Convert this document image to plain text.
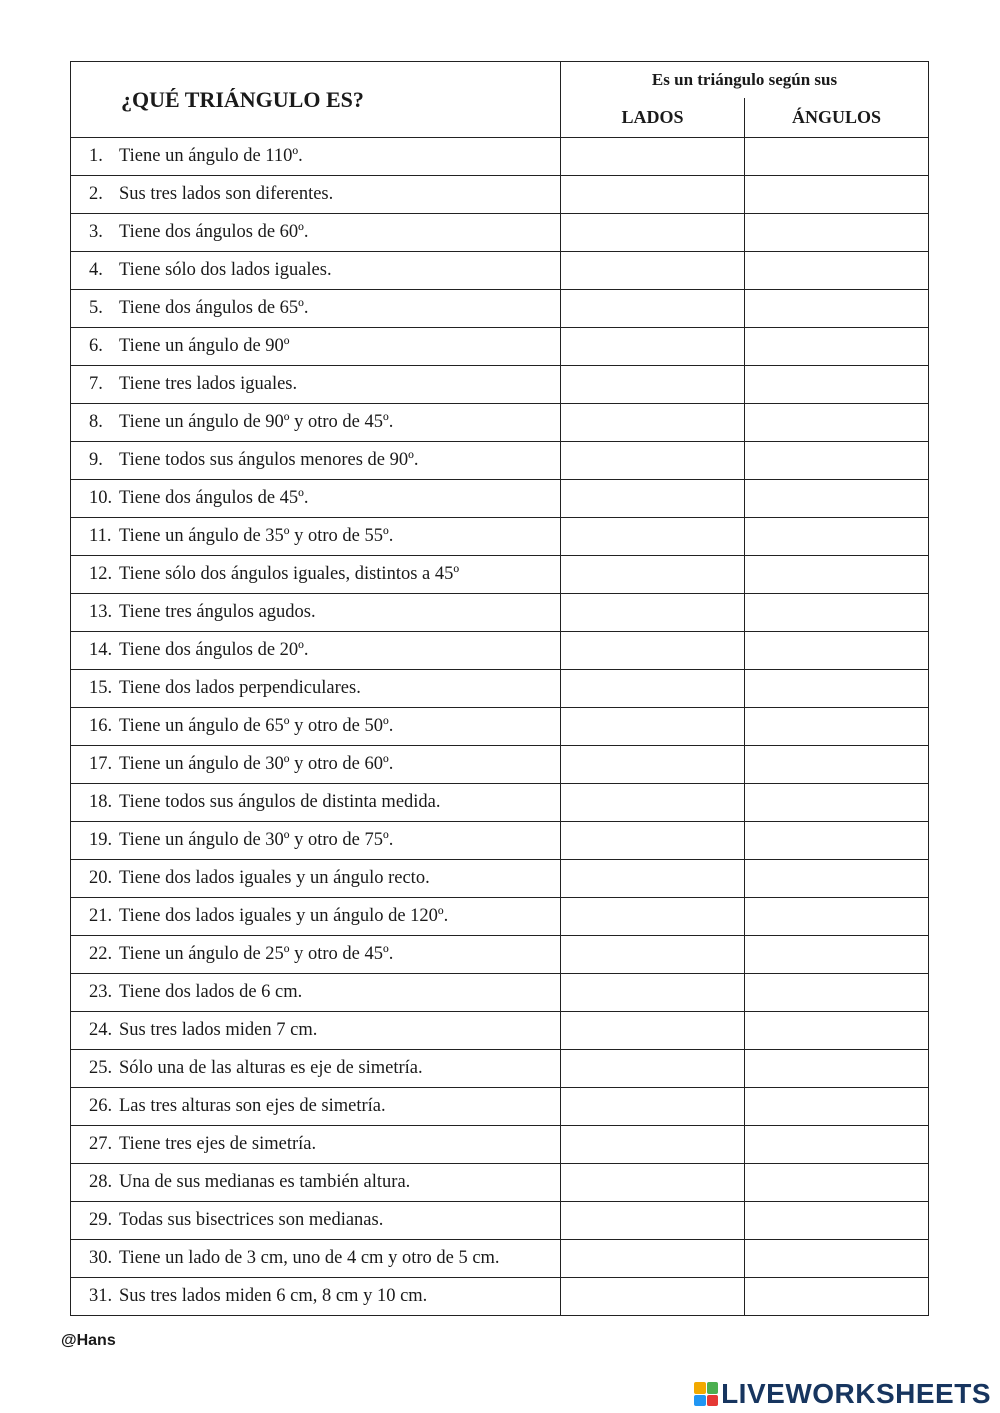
¿QUÉ TRIÁNGULO ES?	Es un triángulo según sus	
	LADOS	ÁNGULOS
1. Tiene un ángulo de 110º.		
2. Sus tres lados son diferentes.		
3. Tiene dos ángulos de 60º.		
4. Tiene sólo dos lados iguales.		
5. Tiene dos ángulos de 65º.		
6. Tiene un ángulo de 90º		
7. Tiene tres lados iguales.		
8. Tiene un ángulo de 90º y otro de 45º.		
9. Tiene todos sus ángulos menores de 90º.		
10. Tiene dos ángulos de 45º.		
11. Tiene un ángulo de 35º y otro de 55º.		
12. Tiene sólo dos ángulos iguales, distintos a 45º		
13. Tiene tres ángulos agudos.		
14. Tiene dos ángulos de 20º.		
15. Tiene dos lados perpendiculares.		
16. Tiene un ángulo de 65º y otro de 50º.		
17. Tiene un ángulo de 30º y otro de 60º.		
18. Tiene todos sus ángulos de distinta medida.		
19. Tiene un ángulo de 30º y otro de 75º.		
20. Tiene dos lados iguales y un ángulo recto.		
21. Tiene dos lados iguales y un ángulo de 120º.		
22. Tiene un ángulo de 25º y otro de 45º.		
23. Tiene dos lados de 6 cm.		
24. Sus tres lados miden 7 cm.		
25. Sólo una de las alturas es eje de simetría.		
26. Las tres alturas son ejes de simetría.		
27. Tiene tres ejes de simetría.		
28. Una de sus medianas es también altura.		
29. Todas sus bisectrices son medianas.		
30. Tiene un lado de 3 cm, uno de 4 cm y otro de 5 cm.		
31. Sus tres lados miden 6 cm, 8 cm y 10 cm.		
@Hans
LIVEWORKSHEETS
